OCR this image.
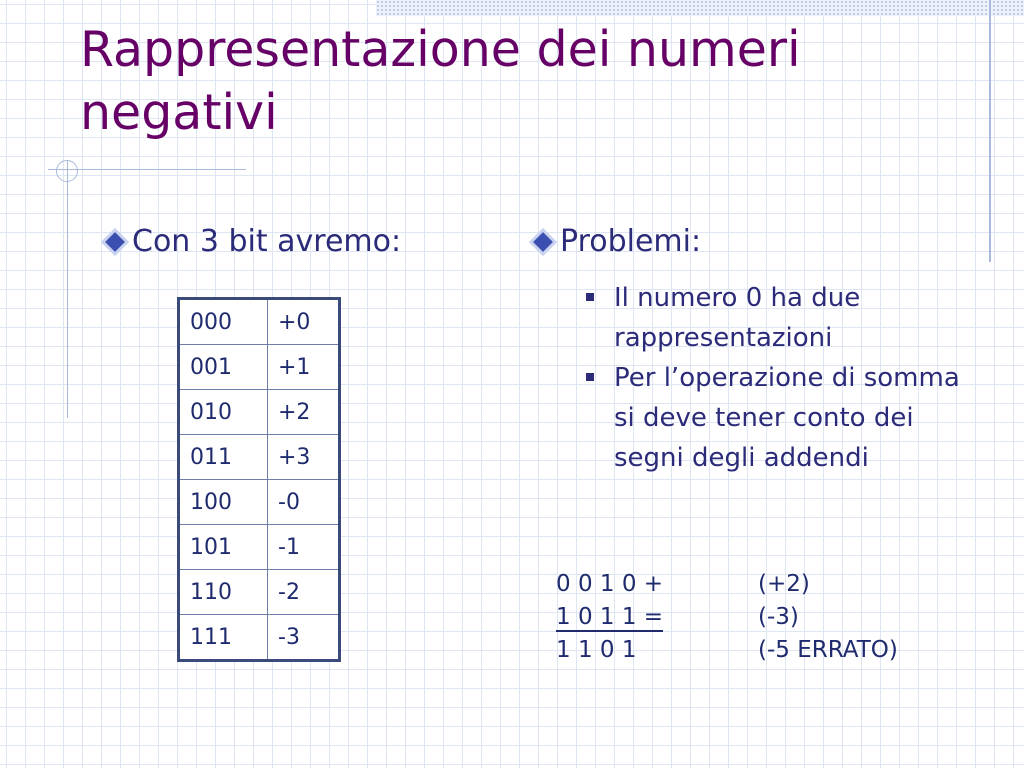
Rappresentazione dei numeri negativi
Con 3 bit avremo:
000	+0
001	+1
010	+2
011	+3
100	-0
101	-1
110	-2
111	-3
Problemi:
Il numero 0 ha due rappresentazioni
Per l’operazione di somma si deve tener conto dei segni degli addendi
0 0 1 0 +	(+2)
1 0 1 1 =	(-3)
1 1 0 1	(-5 ERRATO)
